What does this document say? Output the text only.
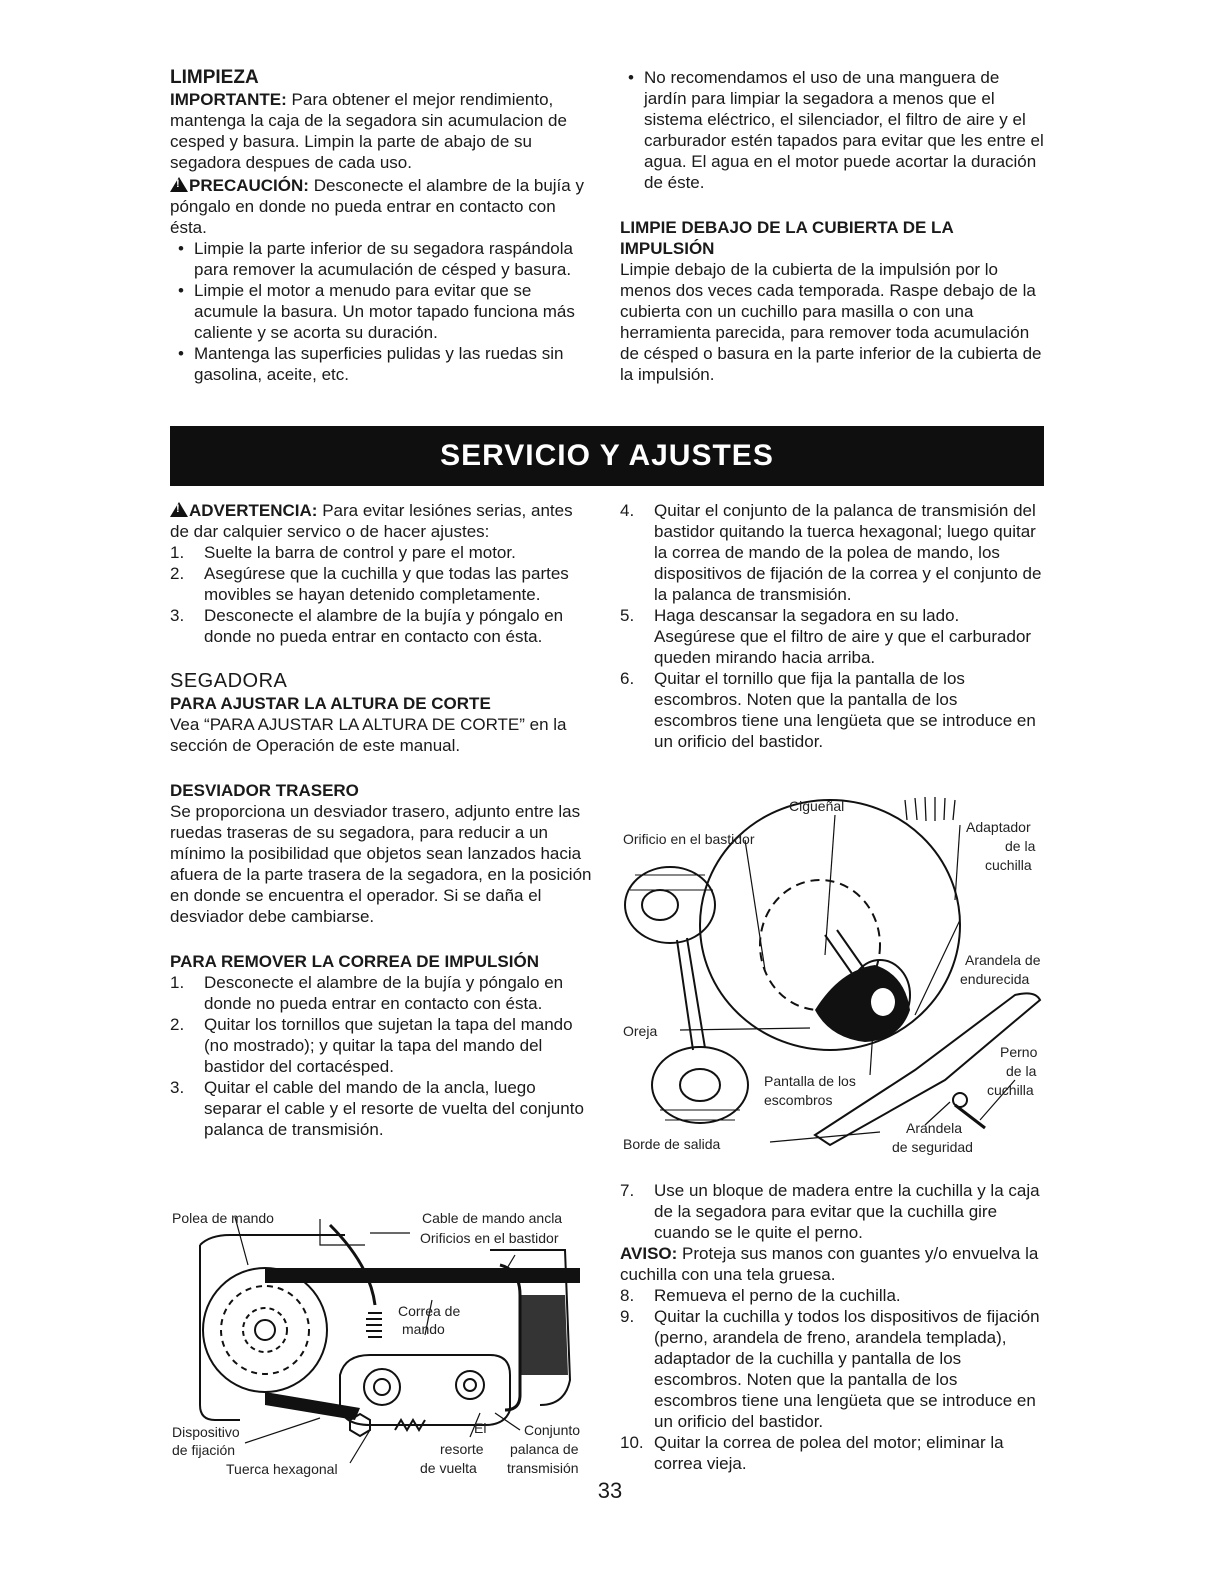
LIMPIEZA

IMPORTANTE: Para obtener el mejor rendimiento, mantenga la caja de la segadora sin acumulacion de cesped y basura. Limpin la parte de abajo de su segadora despues de cada uso.

!PRECAUCIÓN: Desconecte el alambre de la bujía y póngalo en donde no pueda entrar en contacto con ésta.

• Limpie la parte inferior de su segadora raspándola para remover la acumulación de césped y basura.
• Limpie el motor a menudo para evitar que se acumule la basura. Un motor tapado funciona más caliente y se acorta su duración.
• Mantenga las superficies pulidas y las ruedas sin gasolina, aceite, etc.
• No recomendamos el uso de una manguera de jardín para limpiar la segadora a menos que el sistema eléctrico, el silenciador, el filtro de aire y el carburador estén tapados para evitar que les entre el agua. El agua en el motor puede acortar la duración de éste.

LIMPIE DEBAJO DE LA CUBIERTA DE LA IMPULSIÓN

Limpie debajo de la cubierta de la impulsión por lo menos dos veces cada temporada. Raspe debajo de la cubierta con un cuchillo para masilla o con una herramienta parecida, para remover toda acumulación de césped o basura en la parte inferior de la cubierta de la impulsión.

SERVICIO Y AJUSTES

!ADVERTENCIA: Para evitar lesiónes serias, antes de dar calquier servico o de hacer ajustes:

1. Suelte la barra de control y pare el motor.
2. Asegúrese que la cuchilla y que todas las partes movibles se hayan detenido completamente.
3. Desconecte el alambre de la bujía y póngalo en donde no pueda entrar en contacto con ésta.

SEGADORA

PARA AJUSTAR LA ALTURA DE CORTE

Vea “PARA AJUSTAR LA ALTURA DE CORTE” en la sección de Operación de este manual.

DESVIADOR TRASERO

Se proporciona un desviador trasero, adjunto entre las ruedas traseras de su segadora, para reducir a un mínimo la posibilidad que objetos sean lanzados hacia afuera de la parte trasera de la segadora, en la posición en donde se encuentra el operador. Si se daña el desviador debe cambiarse.

PARA REMOVER LA CORREA DE IMPULSIÓN

1. Desconecte el alambre de la bujía y póngalo en donde no pueda entrar en contacto con ésta.
2. Quitar los tornillos que sujetan la tapa del mando (no mostrado); y quitar la tapa del mando del bastidor del cortacésped.
3. Quitar el cable del mando de la ancla, luego separar el cable y el resorte de vuelta del conjunto palanca de transmisión.
4. Quitar el conjunto de la palanca de transmisión del bastidor quitando la tuerca hexagonal; luego quitar la correa de mando de la polea de mando, los dispositivos de fijación de la correa y el conjunto de la palanca de transmisión.
5. Haga descansar la segadora en su lado. Asegúrese que el filtro de aire y que el carburador queden mirando hacia arriba.
6. Quitar el tornillo que fija la pantalla de los escombros. Noten que la pantalla de los escombros tiene una lengüeta que se introduce en un orificio del bastidor.
7. Use un bloque de madera entre la cuchilla y la caja de la segadora para evitar que la cuchilla gire cuando se le quite el perno.

AVISO: Proteja sus manos con guantes y/o envuelva la cuchilla con una tela gruesa.

8. Remueva el perno de la cuchilla.
9. Quitar la cuchilla y todos los dispositivos de fijación (perno, arandela de freno, arandela templada), adaptador de la cuchilla y pantalla de los escombros. Noten que la pantalla de los escombros tiene una lengüeta que se introduce en un orificio del bastidor.
10. Quitar la correa de polea del motor; eliminar la correa vieja.
Polea de mando	Cable de mando ancla
Orificios en el bastidor
Correa de
mando
Dispositivo
de fijación
Tuerca hexagonal
El
resorte
de vuelta
Conjunto
palanca de
transmisión
Cigueñal
Orificio en el bastidor
Adaptador
de la
cuchilla
Arandela de
endurecida
Oreja
Perno
de la
cuchilla
Pantalla de los
escombros
Arandela
de seguridad
Borde de salida
33
